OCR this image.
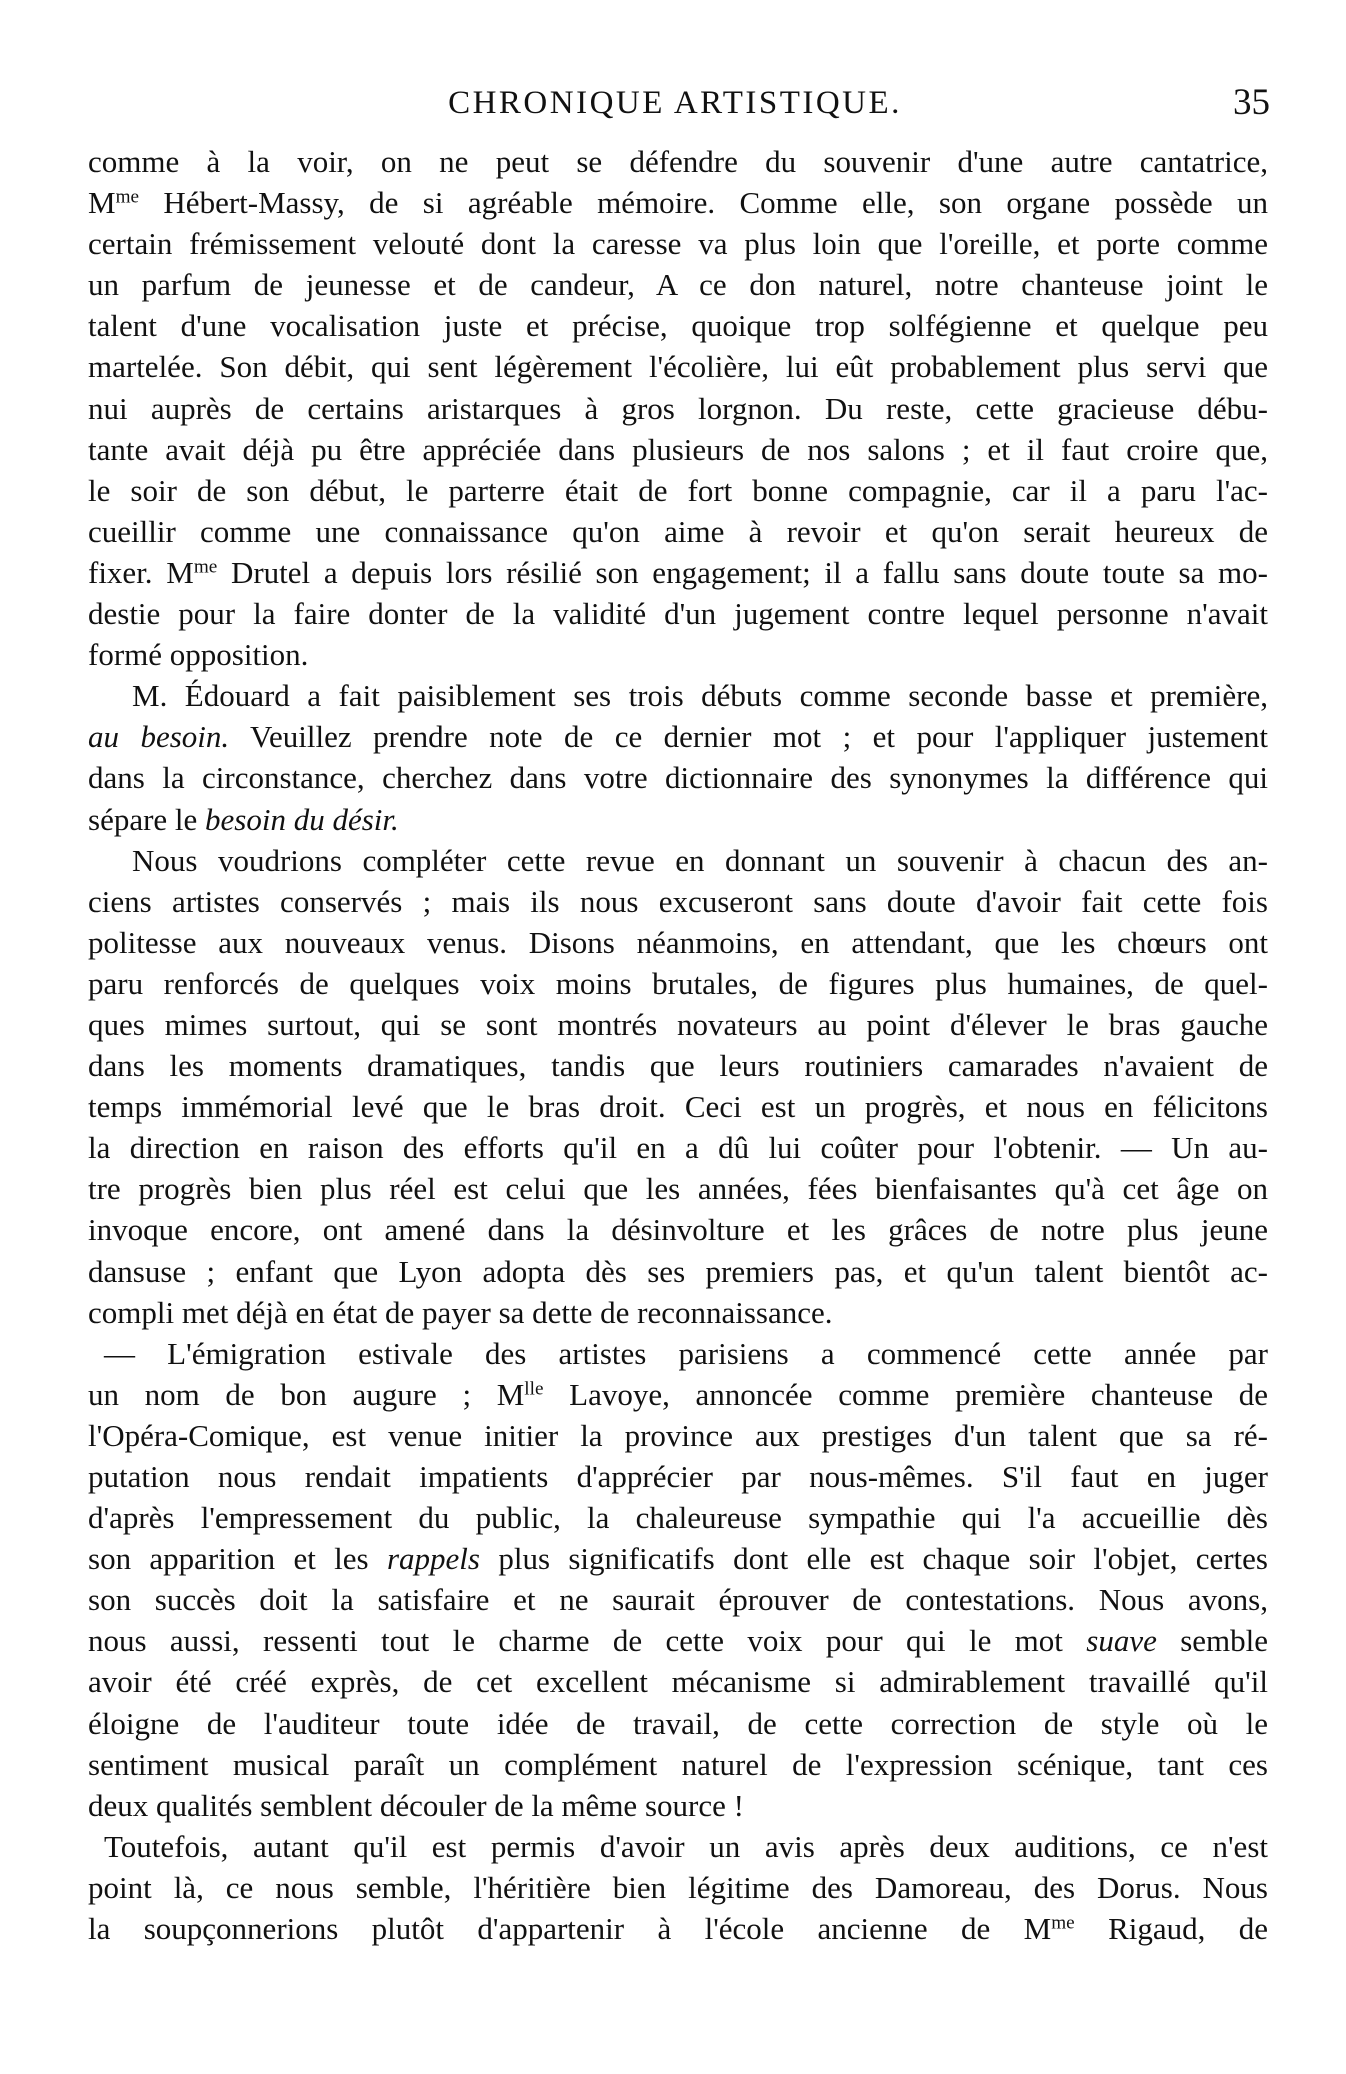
CHRONIQUE ARTISTIQUE.	35
comme à la voir, on ne peut se défendre du souvenir d'une autre cantatrice,
$M^{me}$ Hébert-Massy, de si agréable mémoire. Comme elle, son organe possède un
certain frémissement velouté dont la caresse va plus loin que l'oreille, et porte comme
un parfum de jeunesse et de candeur, A ce don naturel, notre chanteuse joint le
talent d'une vocalisation juste et précise, quoique trop solfégienne et quelque peu
martelée. Son débit, qui sent légèrement l'écolière, lui eût probablement plus servi que
nui auprès de certains aristarques à gros lorgnon. Du reste, cette gracieuse débu-
tante avait déjà pu être appréciée dans plusieurs de nos salons ; et il faut croire que,
le soir de son début, le parterre était de fort bonne compagnie, car il a paru l'ac-
cueillir comme une connaissance qu'on aime à revoir et qu'on serait heureux de
fixer. $M^{me}$ Drutel a depuis lors résilié son engagement; il a fallu sans doute toute sa mo-
destie pour la faire donter de la validité d'un jugement contre lequel personne n'avait
formé opposition.
M. Édouard a fait paisiblement ses trois débuts comme seconde basse et première,
au besoin. Veuillez prendre note de ce dernier mot ; et pour l'appliquer justement
dans la circonstance, cherchez dans votre dictionnaire des synonymes la différence qui
sépare le besoin du désir.
Nous voudrions compléter cette revue en donnant un souvenir à chacun des an-
ciens artistes conservés ; mais ils nous excuseront sans doute d'avoir fait cette fois
politesse aux nouveaux venus. Disons néanmoins, en attendant, que les chœurs ont
paru renforcés de quelques voix moins brutales, de figures plus humaines, de quel-
ques mimes surtout, qui se sont montrés novateurs au point d'élever le bras gauche
dans les moments dramatiques, tandis que leurs routiniers camarades n'avaient de
temps immémorial levé que le bras droit. Ceci est un progrès, et nous en félicitons
la direction en raison des efforts qu'il en a dû lui coûter pour l'obtenir. — Un au-
tre progrès bien plus réel est celui que les années, fées bienfaisantes qu'à cet âge on
invoque encore, ont amené dans la désinvolture et les grâces de notre plus jeune
dansuse ; enfant que Lyon adopta dès ses premiers pas, et qu'un talent bientôt ac-
compli met déjà en état de payer sa dette de reconnaissance.
— L'émigration estivale des artistes parisiens a commencé cette année par
un nom de bon augure ; $M^{lle}$ Lavoye, annoncée comme première chanteuse de
l'Opéra-Comique, est venue initier la province aux prestiges d'un talent que sa ré-
putation nous rendait impatients d'apprécier par nous-mêmes. S'il faut en juger
d'après l'empressement du public, la chaleureuse sympathie qui l'a accueillie dès
son apparition et les rappels plus significatifs dont elle est chaque soir l'objet, certes
son succès doit la satisfaire et ne saurait éprouver de contestations. Nous avons,
nous aussi, ressenti tout le charme de cette voix pour qui le mot suave semble
avoir été créé exprès, de cet excellent mécanisme si admirablement travaillé qu'il
éloigne de l'auditeur toute idée de travail, de cette correction de style où le
sentiment musical paraît un complément naturel de l'expression scénique, tant ces
deux qualités semblent découler de la même source !
Toutefois, autant qu'il est permis d'avoir un avis après deux auditions, ce n'est
point là, ce nous semble, l'héritière bien légitime des Damoreau, des Dorus. Nous
la soupçonnerions plutôt d'appartenir à l'école ancienne de $M^{me}$ Rigaud, de
